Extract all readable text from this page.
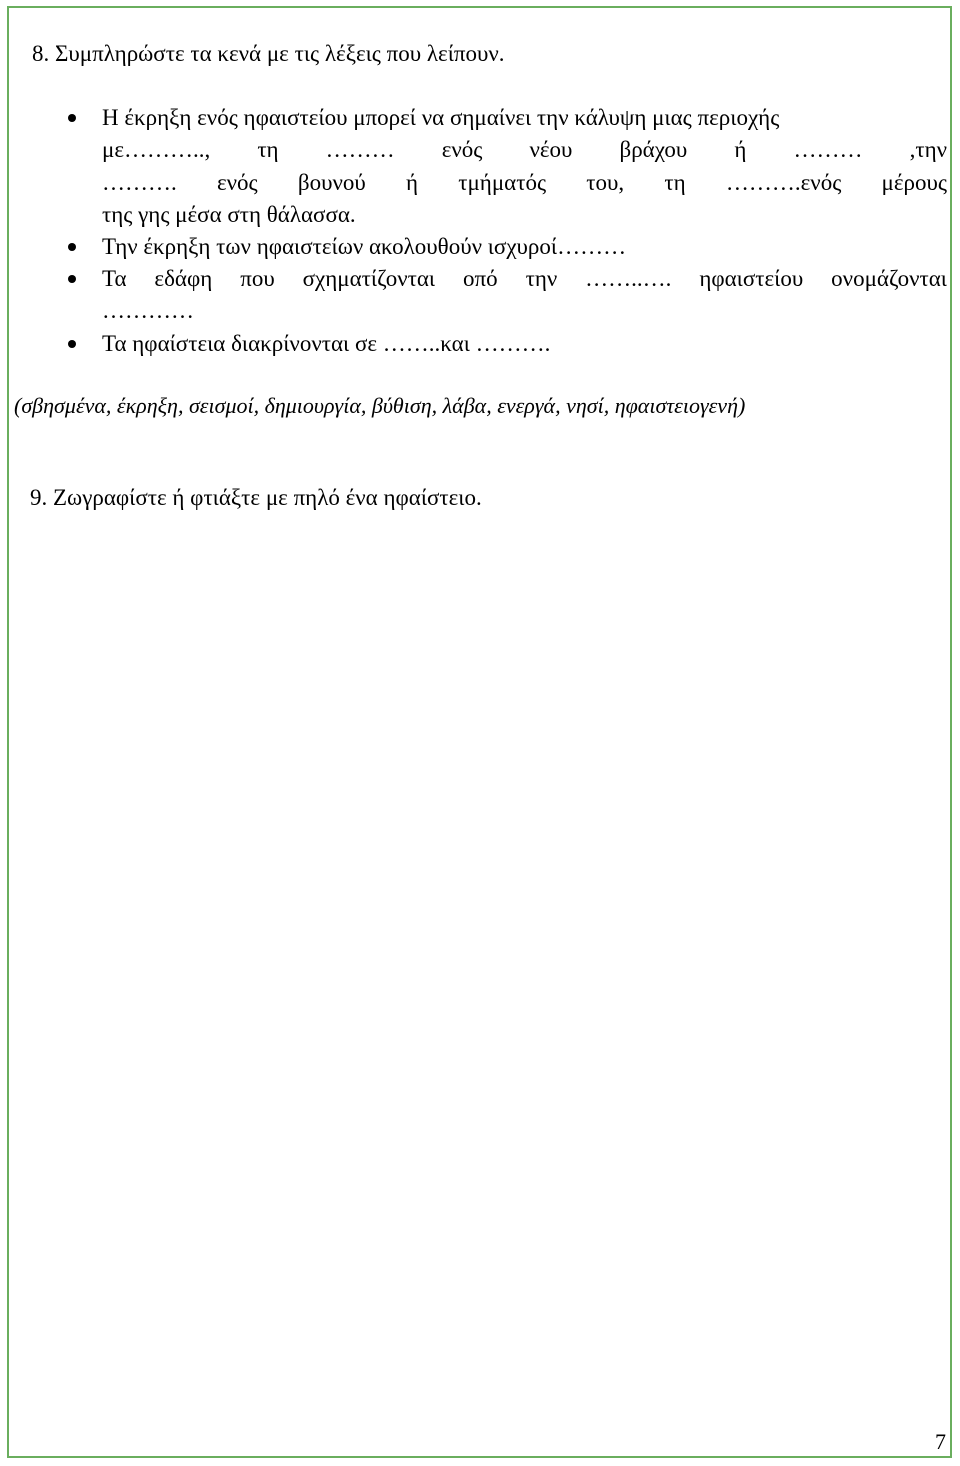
8. Συμπληρώστε τα κενά με τις λέξεις που λείπουν.
Η έκρηξη ενός ηφαιστείου μπορεί να σημαίνει την κάλυψη μιας περιοχής
με……….., τη ……… ενός νέου βράχου ή ……… ,την
………. ενός βουνού ή τμήματός του, τη ……….ενός μέρους
της γης μέσα στη θάλασσα.
Την έκρηξη των ηφαιστείων ακολουθούν ισχυροί………
Τα εδάφη που σχηματίζονται οπό την ……..…. ηφαιστείου ονομάζονται
…………
Τα ηφαίστεια διακρίνονται σε ……..και ……….
(σβησμένα, έκρηξη, σεισμοί, δημιουργία, βύθιση, λάβα, ενεργά, νησί, ηφαιστειογενή)
9. Ζωγραφίστε ή φτιάξτε με πηλό ένα ηφαίστειο.
7
